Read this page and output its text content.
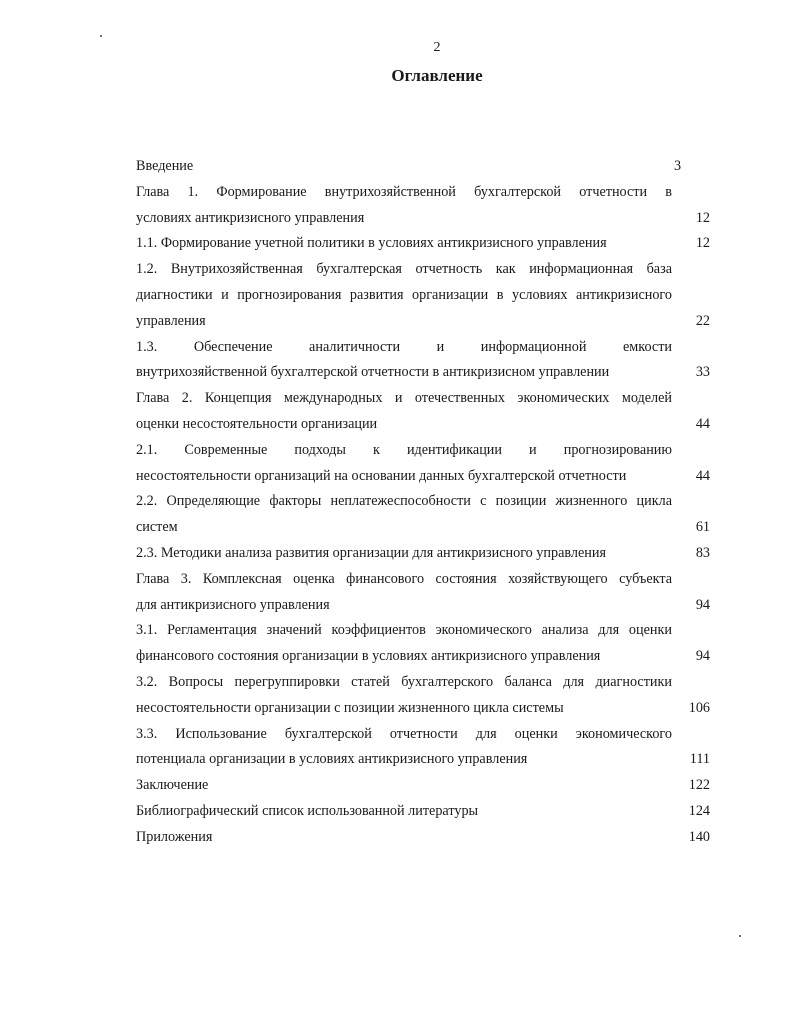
2
Оглавление
Введение	3
Глава 1. Формирование внутрихозяйственной бухгалтерской отчетности в
условиях антикризисного управления	12
1.1. Формирование учетной политики в условиях антикризисного управления	12
1.2. Внутрихозяйственная бухгалтерская отчетность как информационная база
диагностики и прогнозирования развития организации в условиях антикризисного
управления	22
1.3. Обеспечение аналитичности и информационной емкости
внутрихозяйственной бухгалтерской отчетности в антикризисном управлении	33
Глава 2. Концепция международных и отечественных экономических моделей
оценки несостоятельности организации	44
2.1. Современные подходы к идентификации и прогнозированию
несостоятельности организаций на основании данных бухгалтерской отчетности	44
2.2. Определяющие факторы неплатежеспособности с позиции жизненного цикла
систем	61
2.3. Методики анализа развития организации для антикризисного управления	83
Глава 3. Комплексная оценка финансового состояния хозяйствующего субъекта
для антикризисного управления	94
3.1. Регламентация значений коэффициентов экономического анализа для оценки
финансового состояния организации в условиях антикризисного управления	94
3.2. Вопросы перегруппировки статей бухгалтерского баланса для диагностики
несостоятельности организации с позиции жизненного цикла системы	106
3.3. Использование бухгалтерской отчетности для оценки экономического
потенциала организации в условиях антикризисного управления	111
Заключение	122
Библиографический список использованной литературы	124
Приложения	140
